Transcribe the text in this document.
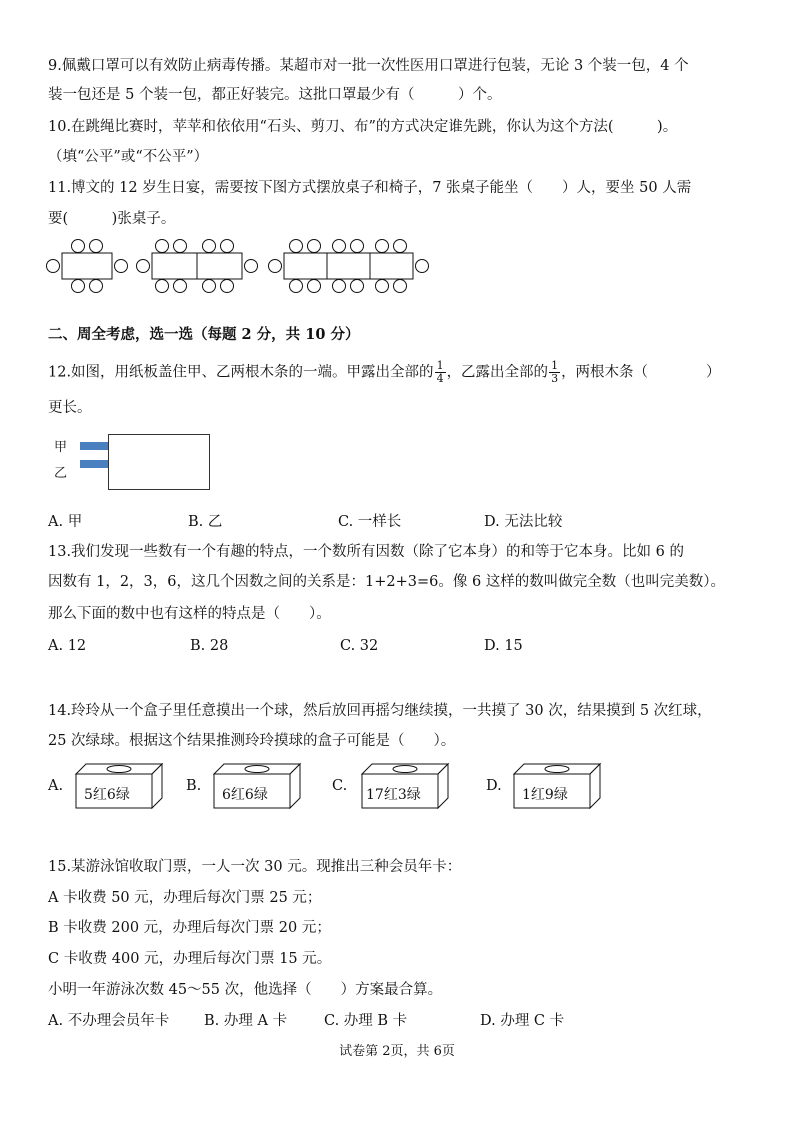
9.佩戴口罩可以有效防止病毒传播。某超市对一批一次性医用口罩进行包装，无论 3 个装一包，4 个
装一包还是 5 个装一包，都正好装完。这批口罩最少有（　　　）个。
10.在跳绳比赛时，苹苹和依依用“石头、剪刀、布”的方式决定谁先跳，你认为这个方法(　　　)。
（填“公平”或“不公平”）
11.博文的 12 岁生日宴，需要按下图方式摆放桌子和椅子，7 张桌子能坐（　　）人，要坐 50 人需
要(　　　)张桌子。
二、周全考虑，选一选（每题 2 分，共 10 分）
12.如图，用纸板盖住甲、乙两根木条的一端。甲露出全部的 $\frac{1}{4}$ ，乙露出全部的 $\frac{1}{3}$ ，两根木条（　　　　）
更长。
甲
乙
A. 甲	B. 乙	C. 一样长	D. 无法比较
13.我们发现一些数有一个有趣的特点，一个数所有因数（除了它本身）的和等于它本身。比如 6 的
因数有 1，2，3，6，这几个因数之间的关系是：1+2+3=6。像 6 这样的数叫做完全数（也叫完美数）。
那么下面的数中也有这样的特点是（　　）。
A. 12	B. 28	C. 32	D. 15
14.玲玲从一个盒子里任意摸出一个球，然后放回再摇匀继续摸，一共摸了 30 次，结果摸到 5 次红球，
25 次绿球。根据这个结果推测玲玲摸球的盒子可能是（　　）。
A.
5红6绿
B.
6红6绿
C.
17红3绿
D.
1红9绿
15.某游泳馆收取门票，一人一次 30 元。现推出三种会员年卡：
A 卡收费 50 元，办理后每次门票 25 元；
B 卡收费 200 元，办理后每次门票 20 元；
C 卡收费 400 元，办理后每次门票 15 元。
小明一年游泳次数 45～55 次，他选择（　　）方案最合算。
A. 不办理会员年卡 B. 办理 A 卡	C. 办理 B 卡	D. 办理 C 卡
试卷第 2页，共 6页
